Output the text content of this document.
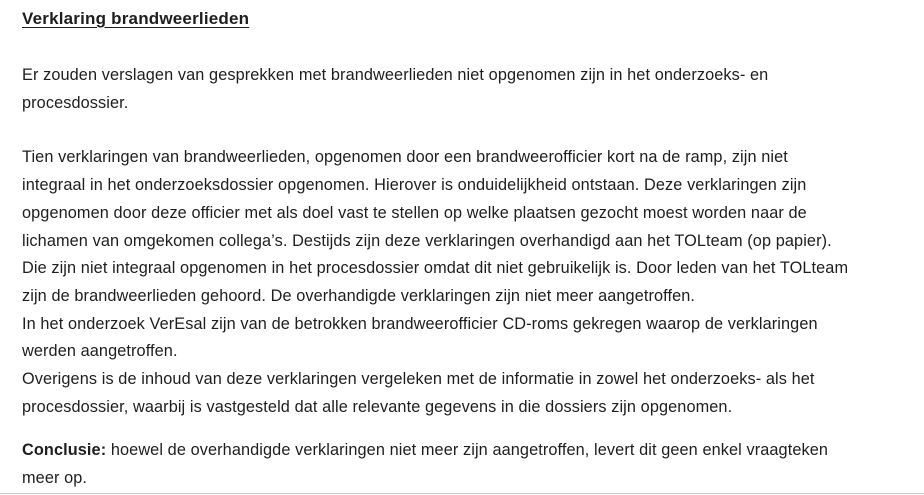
Verklaring brandweerlieden

Er zouden verslagen van gesprekken met brandweerlieden niet opgenomen zijn in het onderzoeks- en
procesdossier.

Tien verklaringen van brandweerlieden, opgenomen door een brandweerofficier kort na de ramp, zijn niet
integraal in het onderzoeksdossier opgenomen. Hierover is onduidelijkheid ontstaan. Deze verklaringen zijn
opgenomen door deze officier met als doel vast te stellen op welke plaatsen gezocht moest worden naar de
lichamen van omgekomen collega’s. Destijds zijn deze verklaringen overhandigd aan het TOLteam (op papier).
Die zijn niet integraal opgenomen in het procesdossier omdat dit niet gebruikelijk is. Door leden van het TOLteam
zijn de brandweerlieden gehoord. De overhandigde verklaringen zijn niet meer aangetroffen.
In het onderzoek VerEsal zijn van de betrokken brandweerofficier CD-roms gekregen waarop de verklaringen
werden aangetroffen.
Overigens is de inhoud van deze verklaringen vergeleken met de informatie in zowel het onderzoeks- als het
procesdossier, waarbij is vastgesteld dat alle relevante gegevens in die dossiers zijn opgenomen.

Conclusie: hoewel de overhandigde verklaringen niet meer zijn aangetroffen, levert dit geen enkel vraagteken
meer op.
